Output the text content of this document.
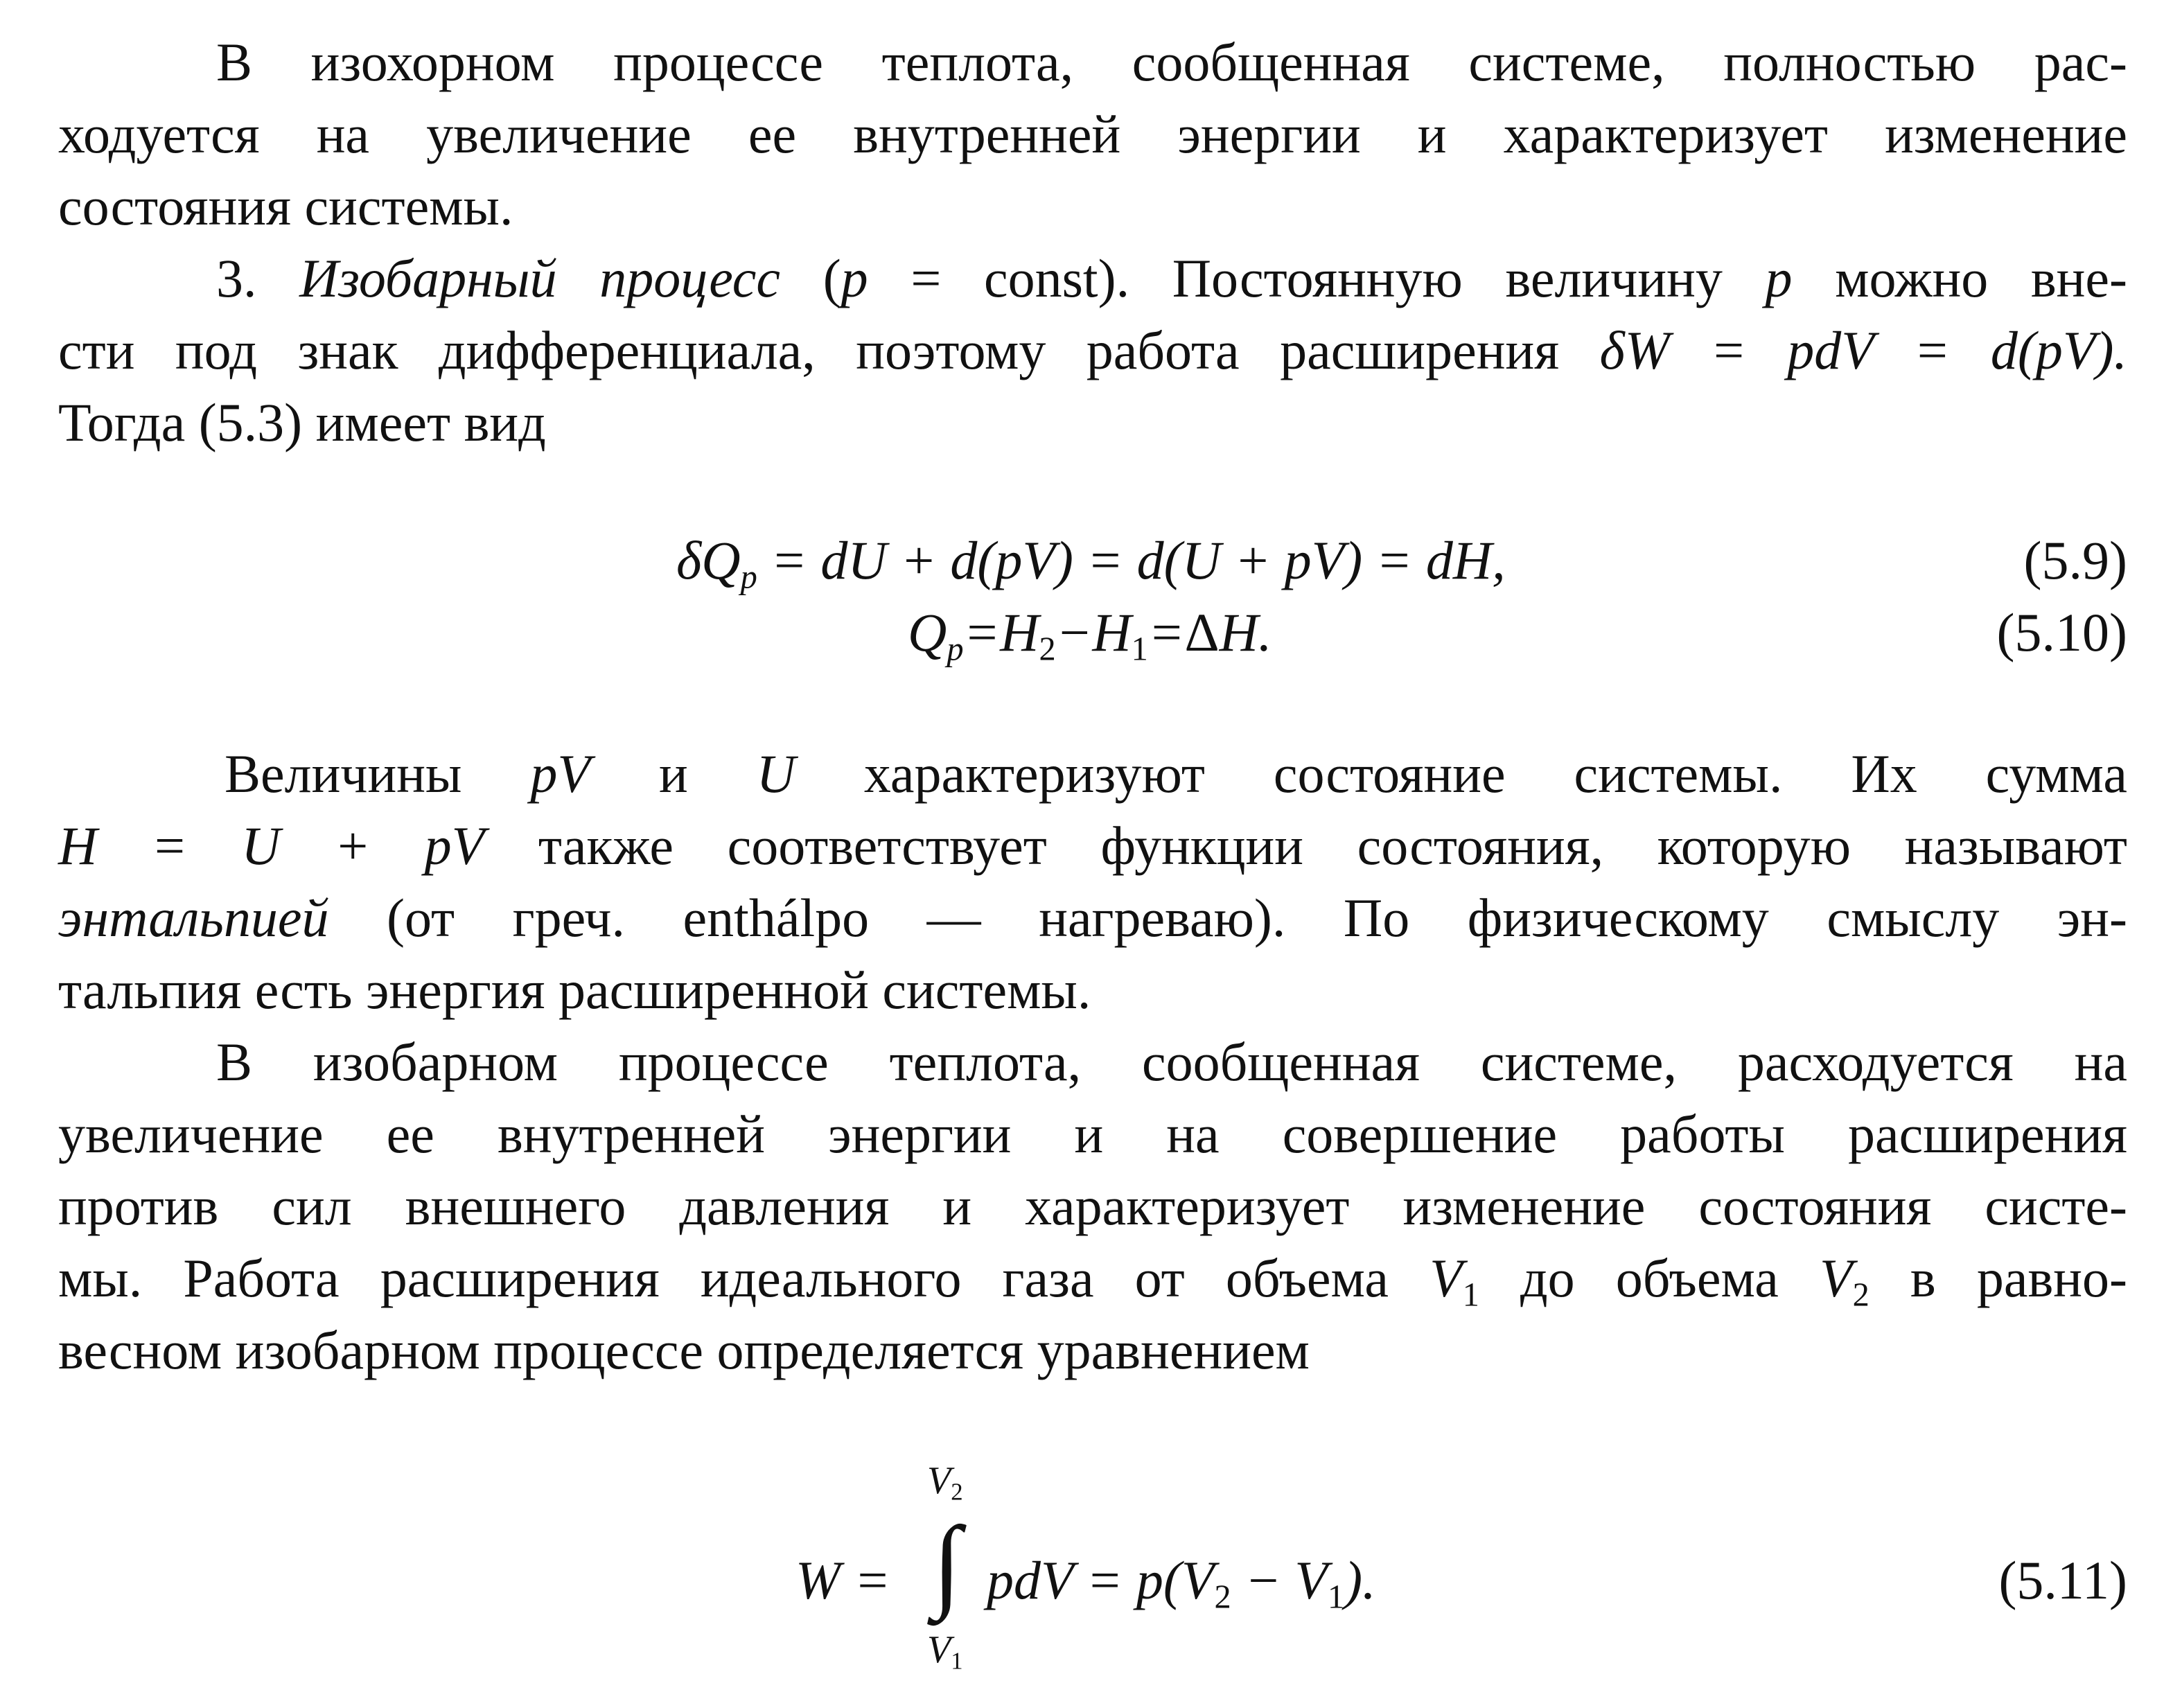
В изохорном процессе теплота, сообщенная системе, полностью рас-
ходуется на увеличение ее внутренней энергии и характеризует изменение
состояния системы.

3. Изобарный процесс (p = const). Постоянную величину p можно вне-
сти под знак дифференциала, поэтому работа расширения δW = pdV = d(pV).
Тогда (5.3) имеет вид

$\delta Q_p$ = dU + d(pV) = d(U + pV) = dH,	(5.9)
$Q_p=H_2-H_1=\Delta H$.	(5.10)

Величины pV и U характеризуют состояние системы. Их сумма
H = U + pV также соответствует функции состояния, которую называют
энтальпией (от греч. enthálpo — нагреваю). По физическому смыслу эн-
тальпия есть энергия расширенной системы.

В изобарном процессе теплота, сообщенная системе, расходуется на
увеличение ее внутренней энергии и на совершение работы расширения
против сил внешнего давления и характеризует изменение состояния систе-
мы. Работа расширения идеального газа от объема $V_1$ до объема $V_2$ в равно-
весном изобарном процессе определяется уравнением

W =
$V_2$
∫
$V_1$
pdV = $p(V_2 - V_1)$.	(5.11)
